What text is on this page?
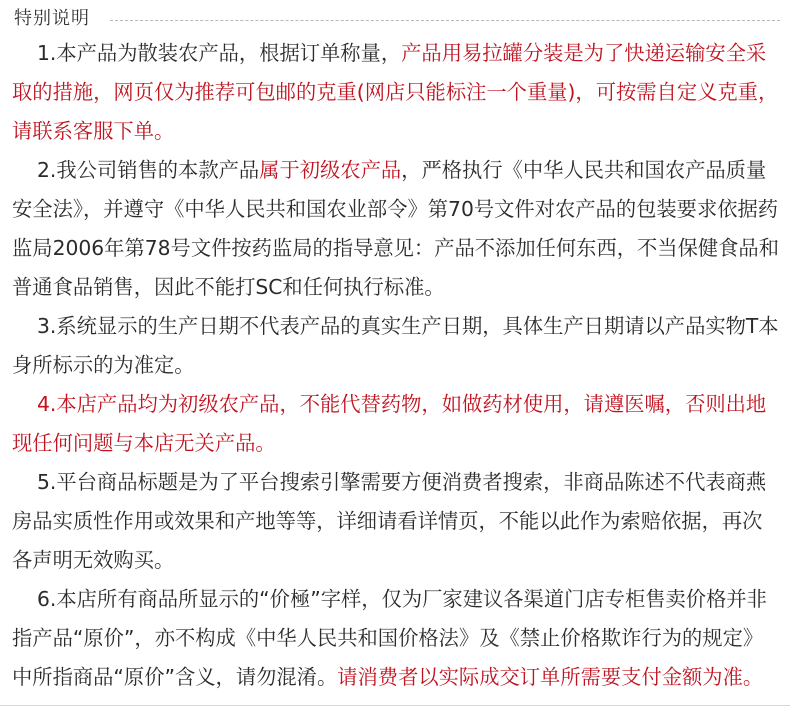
特别说明

1.本产品为散装农产品，根据订单称量，产品用易拉罐分装是为了快递运输安全采取的措施，网页仅为推荐可包邮的克重(网店只能标注一个重量)，可按需自定义克重，请联系客服下单。

2.我公司销售的本款产品属于初级农产品，严格执行《中华人民共和国农产品质量安全法》，并遵守《中华人民共和国农业部令》第70号文件对农产品的包装要求依据药监局2006年第78号文件按药监局的指导意见：产品不添加任何东西，不当保健食品和普通食品销售，因此不能打SC和任何执行标准。

3.系统显示的生产日期不代表产品的真实生产日期，具体生产日期请以产品实物T本身所标示的为准定。

4.本店产品均为初级农产品，不能代替药物，如做药材使用，请遵医嘱，否则出地现任何问题与本店无关产品。

5.平台商品标题是为了平台搜索引擎需要方便消费者搜索，非商品陈述不代表商燕房品实质性作用或效果和产地等等，详细请看详情页，不能以此作为索赔依据，再次各声明无效购买。

6.本店所有商品所显示的“价極”字样，仅为厂家建议各渠道门店专柜售卖价格并非指产品“原价”，亦不构成《中华人民共和国价格法》及《禁止价格欺诈行为的规定》中所指商品“原价”含义，请勿混淆。请消费者以实际成交订单所需要支付金额为准。
